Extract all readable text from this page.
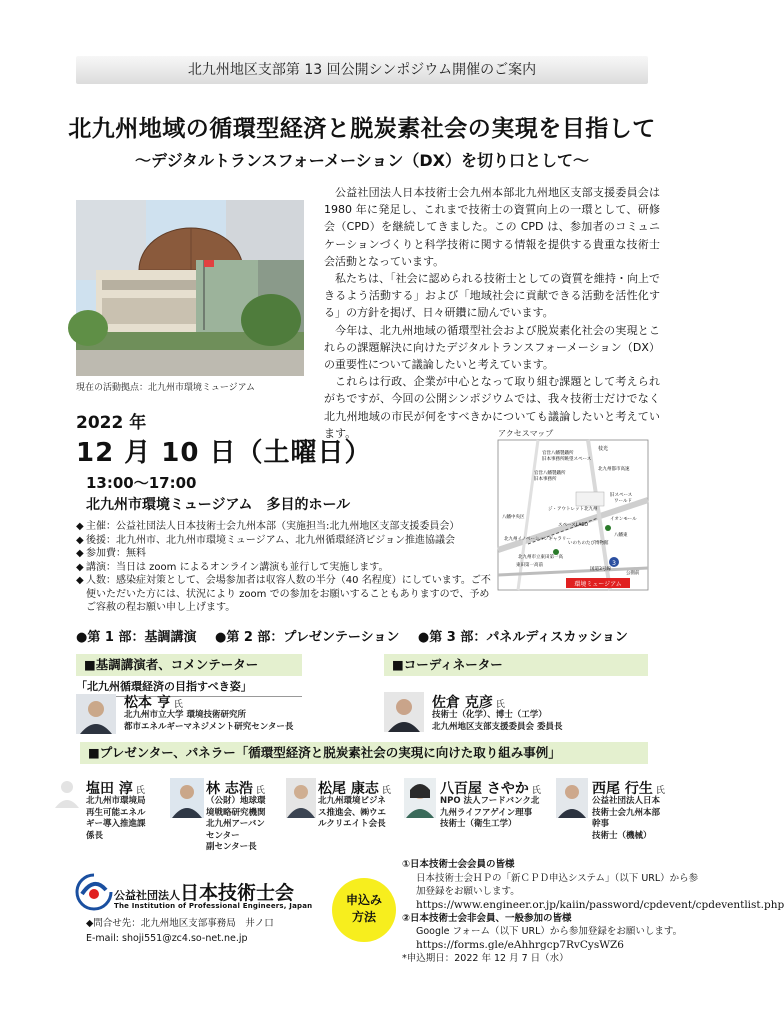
北九州地区支部第 13 回公開シンポジウム開催のご案内
北九州地域の循環型経済と脱炭素社会の実現を目指して
～デジタルトランスフォーメーション（DX）を切り口として～
現在の活動拠点：北九州市環境ミュージアム

公益社団法人日本技術士会九州本部北九州地区支部支援委員会は 1980 年に発足し、これまで技術士の資質向上の一環として、研修会（CPD）を継続してきました。この CPD は、参加者のコミュニケーションづくりと科学技術に関する情報を提供する貴重な技術士会活動となっています。

私たちは、「社会に認められる技術士としての資質を維持・向上できるよう活動する」および「地域社会に貢献できる活動を活性化する」の方針を掲げ、日々研鑽に励んでいます。

今年は、北九州地域の循環型社会および脱炭素化社会の実現とこれらの課題解決に向けたデジタルトランスフォーメーション（DX）の重要性について議論したいと考えています。

これらは行政、企業が中心となって取り組む課題として考えられがちですが、今回の公開シンポジウムでは、我々技術士だけでなく北九州地域の市民が何をすべきかについても議論したいと考えています。

2022 年
12 月 10 日（土曜日）
13:00～17:00
北九州市環境ミュージアム　多目的ホール
◆ 主催：公益社団法人日本技術士会九州本部（実施担当:北九州地区支部支援委員会）
◆ 後援：北九州市、北九州市環境ミュージアム、北九州循環経済ビジョン推進協議会
◆ 参加費：無料
◆ 講演：当日は zoom によるオンライン講演も並行して実施します。
◆ 人数：感染症対策として、会場参加者は収容人数の半分（40 名程度）にしています。ご不便いただいた方には、状況により zoom での参加をお願いすることもありますので、予めご容赦の程お願い申し上げます。
アクセスマップ
3
環境ミュージアム
枝光
官営八幡製鐵所
旧本事務所眺望スペース
北九州都市高速
官営八幡製鐵所
旧本事務所
旧スペース
ワールド
イオンモール
八幡東
ジ・アウトレット北九州
スペースLABO
北九州イノベーションギャラリー
いのちのたび博物館
八幡中央区
国道3号線
公園前
北九州市立東田第一高
東田第一高前
●第 1 部：基調講演 ●第 2 部：プレゼンテーション ●第 3 部：パネルディスカッション
■基調講演者、コメンテーター
「北九州循環経済の目指すべき姿」
松本 亨 氏
北九州市立大学 環境技術研究所
都市エネルギーマネジメント研究センター長
■コーディネーター
佐倉 克彦 氏
技術士（化学）、博士（工学）
北九州地区支部支援委員会 委員長
■プレゼンター、パネラー「循環型経済と脱炭素社会の実現に向けた取り組み事例」
塩田 淳 氏
北九州市環境局
再生可能エネル
ギー導入推進課
係長
林 志浩 氏
（公財）地球環
境戦略研究機関
北九州アーバン
センター
副センター長
松尾 康志 氏
北九州環境ビジネ
ス推進会、㈱ウエ
ルクリエイト会長
八百屋 さやか 氏
NPO 法人フードバンク北
九州ライフアゲイン理事
技術士（衛生工学）
西尾 行生 氏
公益社団法人日本
技術士会九州本部
幹事
技術士（機械）
公益社団法人日本技術士会
The Institution of Professional Engineers, Japan
◆問合せ先：北九州地区支部事務局　井ノ口
E-mail: shoji551@zc4.so-net.ne.jp
申込み
方法
①日本技術士会会員の皆様
日本技術士会ＨＰの「新ＣＰＤ申込システム」（以下 URL）から参加登録をお願いします。
https://www.engineer.or.jp/kaiin/password/cpdevent/cpdeventlist.php
②日本技術士会非会員、一般参加の皆様
Google フォーム（以下 URL）から参加登録をお願いします。
https://forms.gle/eAhhrgcp7RvCysWZ6
*申込期日：2022 年 12 月 7 日（水）
